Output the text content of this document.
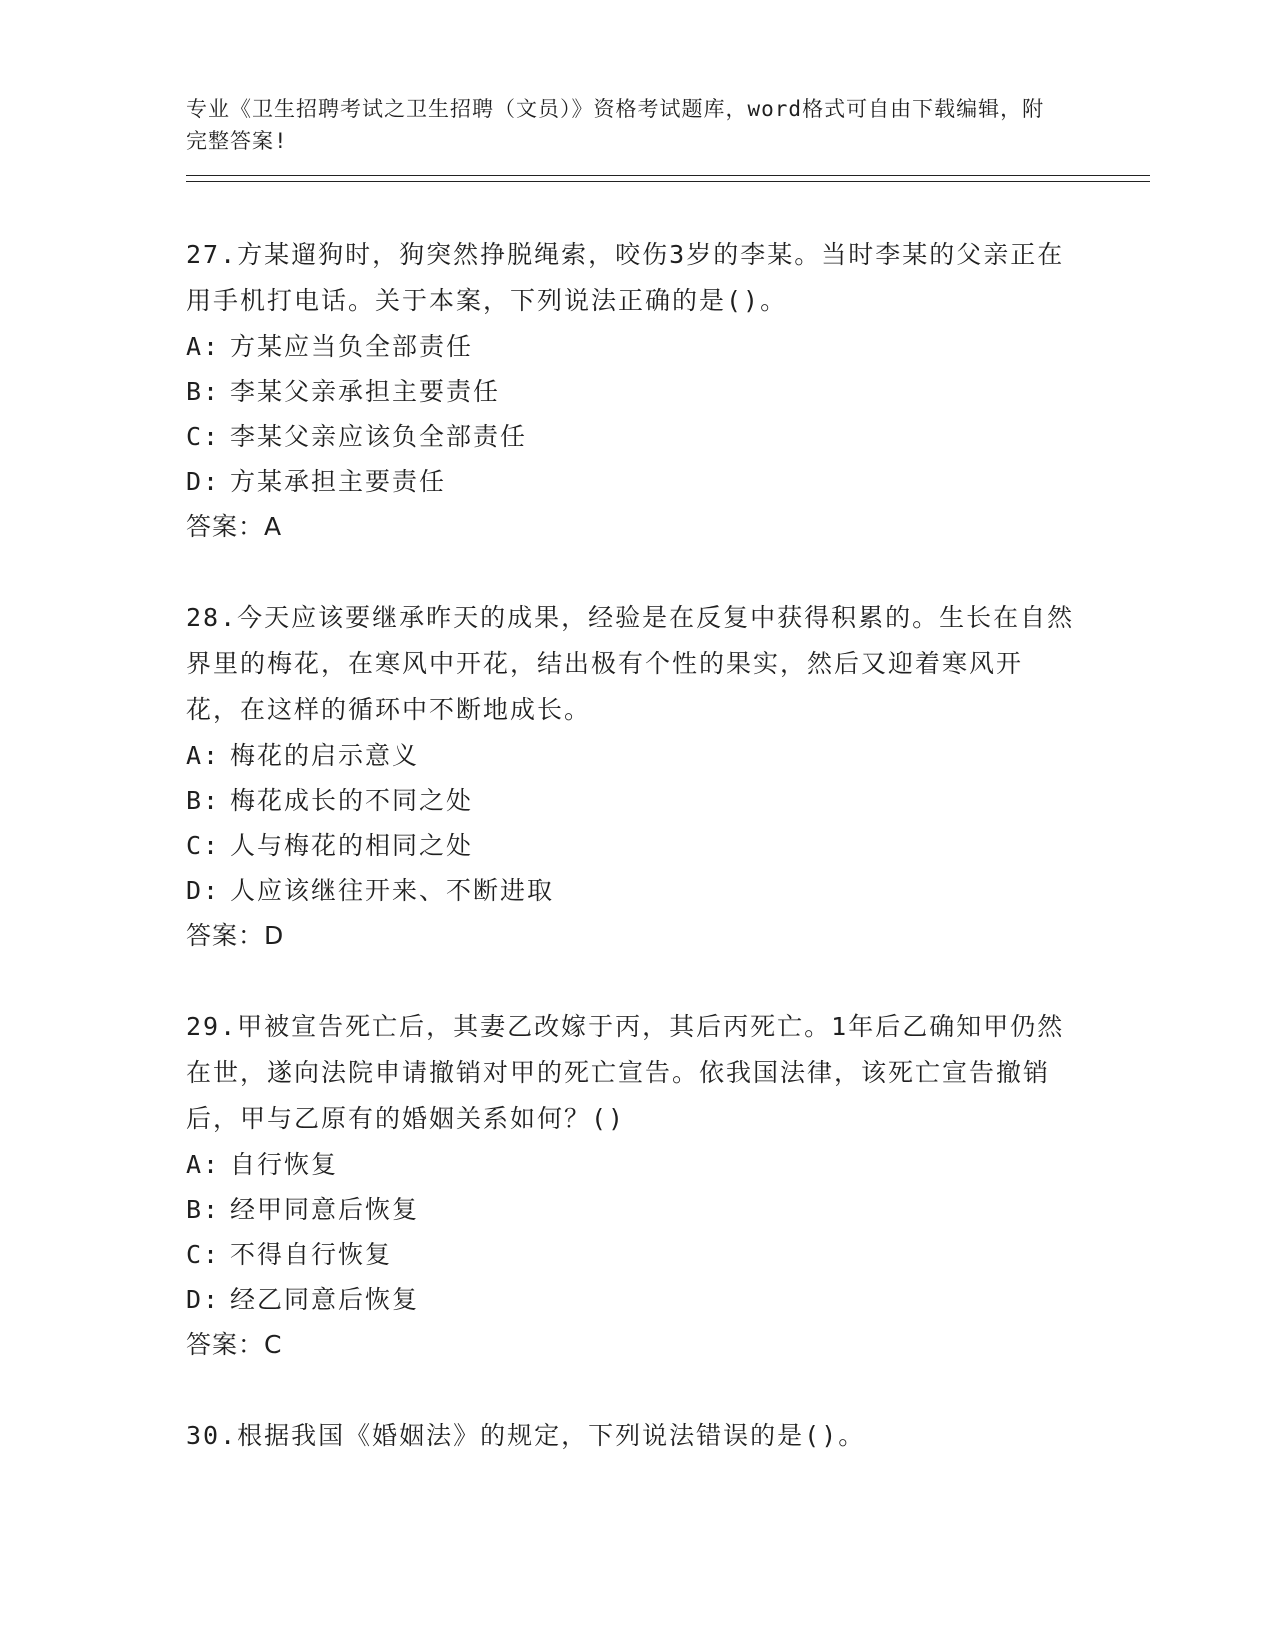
专业《卫生招聘考试之卫生招聘（文员）》资格考试题库，word格式可自由下载编辑，附完整答案!

27.方某遛狗时，狗突然挣脱绳索，咬伤3岁的李某。当时李某的父亲正在用手机打电话。关于本案，下列说法正确的是()。

A: 方某应当负全部责任

B: 李某父亲承担主要责任

C: 李某父亲应该负全部责任

D: 方某承担主要责任

答案：A

28.今天应该要继承昨天的成果，经验是在反复中获得积累的。生长在自然界里的梅花，在寒风中开花，结出极有个性的果实，然后又迎着寒风开花，在这样的循环中不断地成长。

A: 梅花的启示意义

B: 梅花成长的不同之处

C: 人与梅花的相同之处

D: 人应该继往开来、不断进取

答案：D

29.甲被宣告死亡后，其妻乙改嫁于丙，其后丙死亡。1年后乙确知甲仍然在世，遂向法院申请撤销对甲的死亡宣告。依我国法律，该死亡宣告撤销后，甲与乙原有的婚姻关系如何？()

A: 自行恢复

B: 经甲同意后恢复

C: 不得自行恢复

D: 经乙同意后恢复

答案：C

30.根据我国《婚姻法》的规定，下列说法错误的是()。
